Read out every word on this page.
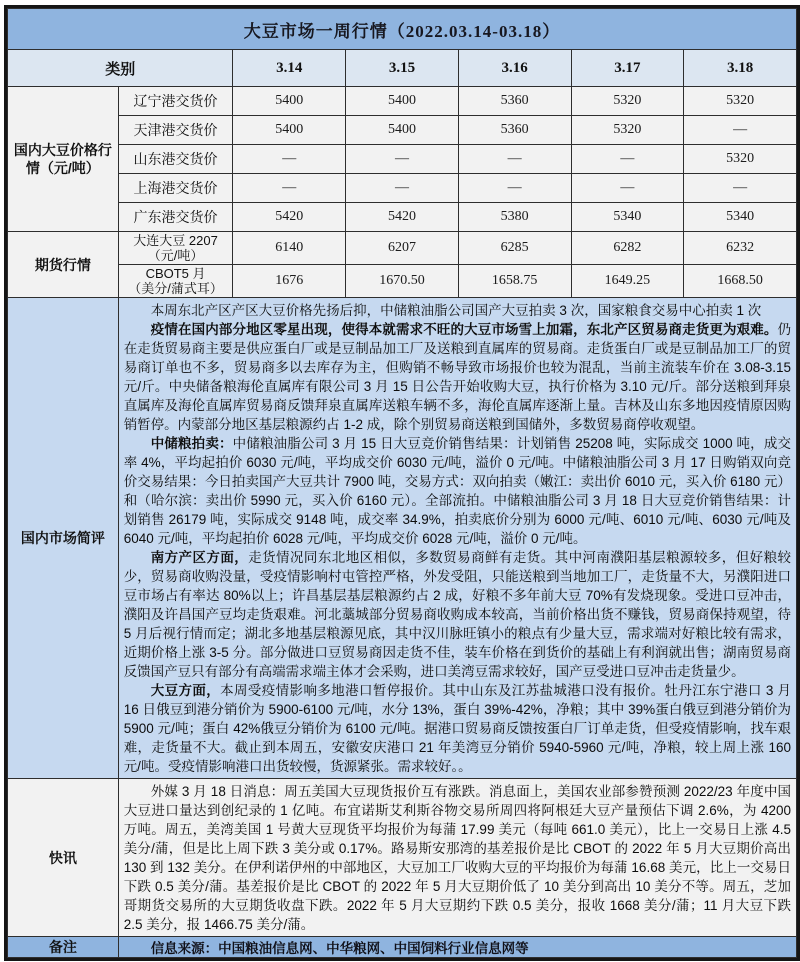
大豆市场一周行情（2022.03.14-03.18）						
类别		3.14	3.15	3.16	3.17	3.18
国内大豆价格行情（元/吨）	辽宁港交货价	5400	5400	5360	5320	5320
	天津港交货价	5400	5400	5360	5320	—
	山东港交货价	—	—	—	—	5320
	上海港交货价	—	—	—	—	—
	广东港交货价	5420	5420	5380	5340	5340
期货行情	大连大豆 2207
（元/吨）	6140	6207	6285	6282	6232

	CBOT5 月
（美分/蒲式耳）	1676	1670.50	1658.75	1649.25	1668.50
国内市场简评	本周东北产区产区大豆价格先扬后抑，中储粮油脂公司国产大豆拍卖 3 次，国家粮食交易中心拍卖 1 次

疫情在国内部分地区零星出现，使得本就需求不旺的大豆市场雪上加霜，东北产区贸易商走货更为艰难。仍在走货贸易商主要是供应蛋白厂或是豆制品加工厂及送粮到直属库的贸易商。走货蛋白厂或是豆制品加工厂的贸易商订单也不多，贸易商多以去库存为主，但购销不畅导致市场报价也较为混乱，当前主流装车价在 3.08-3.15 元/斤。中央储备粮海伦直属库有限公司 3 月 15 日公告开始收购大豆，执行价格为 3.10 元/斤。部分送粮到拜泉直属库及海伦直属库贸易商反馈拜泉直属库送粮车辆不多，海伦直属库逐渐上量。吉林及山东多地因疫情原因购销暂停。内蒙部分地区基层粮源约占 1-2 成，除个别贸易商送粮到国储外，多数贸易商停收观望。

中储粮拍卖：中储粮油脂公司 3 月 15 日大豆竞价销售结果：计划销售 25208 吨，实际成交 1000 吨，成交率 4%，平均起拍价 6030 元/吨，平均成交价 6030 元/吨，溢价 0 元/吨。中储粮油脂公司 3 月 17 日购销双向竞价交易结果：今日拍卖国产大豆共计 7900 吨，交易方式：双向拍卖（嫩江：卖出价 6010 元，买入价 6180 元）和（哈尔滨：卖出价 5990 元，买入价 6160 元）。全部流拍。中储粮油脂公司 3 月 18 日大豆竞价销售结果：计划销售 26179 吨，实际成交 9148 吨，成交率 34.9%，拍卖底价分别为 6000 元/吨、6010 元/吨、6030 元/吨及 6040 元/吨，平均起拍价 6028 元/吨，平均成交价 6028 元/吨，溢价 0 元/吨。

南方产区方面，走货情况同东北地区相似，多数贸易商鲜有走货。其中河南濮阳基层粮源较多，但好粮较少，贸易商收购没量，受疫情影响村屯管控严格，外发受阻，只能送粮到当地加工厂，走货量不大，另濮阳进口豆市场占有率达 80%以上；许昌基层基层粮源约占 2 成，好粮不多年前大豆 70%有发烧现象。受进口豆冲击，濮阳及许昌国产豆均走货艰难。河北藁城部分贸易商收购成本较高，当前价格出货不赚钱，贸易商保持观望，待 5 月后视行情而定；湖北多地基层粮源见底，其中汉川脉旺镇小的粮点有少量大豆，需求端对好粮比较有需求，近期价格上涨 3-5 分。部分做进口豆贸易商因走货不佳，装车价格在到货价的基础上有利润就出售；湖南贸易商反馈国产豆只有部分有高端需求端主体才会采购，进口美湾豆需求较好，国产豆受进口豆冲击走货量少。

大豆方面，本周受疫情影响多地港口暂停报价。其中山东及江苏盐城港口没有报价。牡丹江东宁港口 3 月 16 日俄豆到港分销价为 5900-6100 元/吨，水分 13%，蛋白 39%-42%，净粮；其中 39%蛋白俄豆到港分销价为 5900 元/吨；蛋白 42%俄豆分销价为 6100 元/吨。据港口贸易商反馈按蛋白厂订单走货，但受疫情影响，找车艰难，走货量不大。截止到本周五，安徽安庆港口 21 年美湾豆分销价 5940-5960 元/吨，净粮，较上周上涨 160 元/吨。受疫情影响港口出货较慢，货源紧张。需求较好。。					

快讯	外媒 3 月 18 日消息：周五美国大豆现货报价互有涨跌。消息面上，美国农业部参赞预测 2022/23 年度中国大豆进口量达到创纪录的 1 亿吨。布宜诺斯艾利斯谷物交易所周四将阿根廷大豆产量预估下调 2.6%，为 4200 万吨。周五，美湾美国 1 号黄大豆现货平均报价为每蒲 17.99 美元（每吨 661.0 美元），比上一交易日上涨 4.5 美分/蒲，但是比上周下跌 3 美分或 0.17%。路易斯安那湾的基差报价是比 CBOT 的 2022 年 5 月大豆期价高出 130 到 132 美分。在伊利诺伊州的中部地区，大豆加工厂收购大豆的平均报价为每蒲 16.68 美元，比上一交易日下跌 0.5 美分/蒲。基差报价是比 CBOT 的 2022 年 5 月大豆期价低了 10 美分到高出 10 美分不等。周五，芝加哥期货交易所的大豆期货收盘下跌。2022 年 5 月大豆期约下跌 0.5 美分，报收 1668 美分/蒲；11 月大豆下跌 2.5 美分，报 1466.75 美分/蒲。					

备注	信息来源：中国粮油信息网、中华粮网、中国饲料行业信息网等					
